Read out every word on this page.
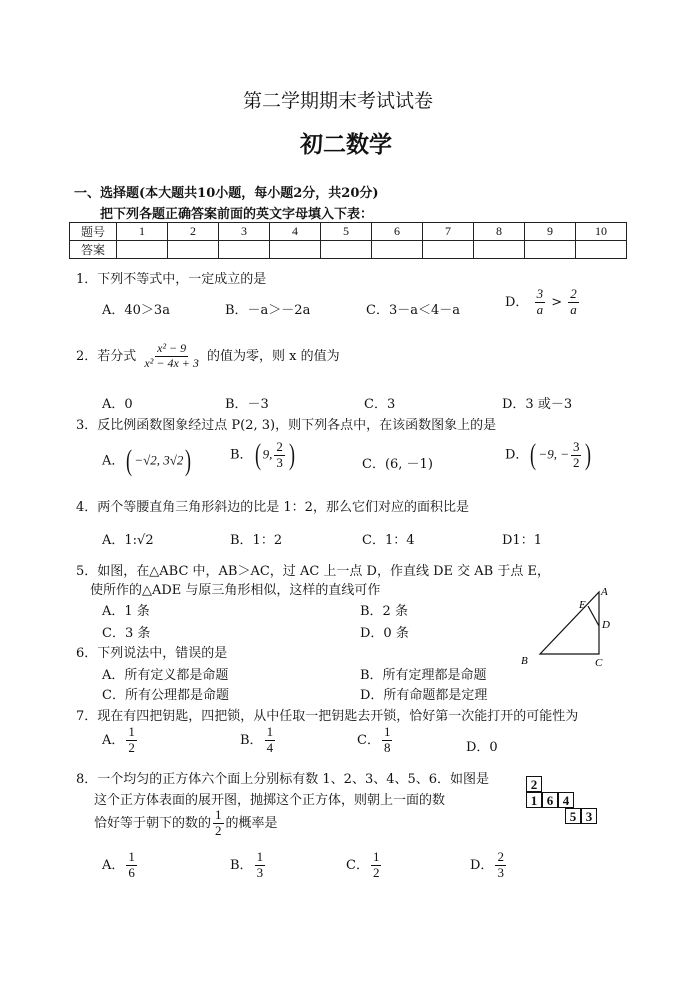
第二学期期末考试试卷
初二数学
一、选择题(本大题共10小题，每小题2分，共20分)
把下列各题正确答案前面的英文字母填入下表：
题号	1	2	3	4	5	6	7	8	9	10
答案										
1．下列不等式中，一定成立的是
A．40＞3a	B．－a＞－2a	C．3－a＜4－a
D． $\frac{3}{a} > \frac{2}{a}$
2．若分式 $\frac{\text{x² − 9}}{\text{x² − 4x + 3}}$ 的值为零，则 x 的值为
A．0	B．－3	C．3	D．3 或－3
3．反比例函数图象经过点 P(2, 3)，则下列各点中，在该函数图象上的是
A．( −√2, 3√2)	B．( 9, $\frac{2}{3}$ )	C．(6, －1)
D．( −9, − $\frac{3}{2}$ )
4．两个等腰直角三角形斜边的比是 1：2，那么它们对应的面积比是
A．1:√2	B．1：2	C．1：4	D1：1
5．如图，在△ABC 中，AB＞AC，过 AC 上一点 D，作直线 DE 交 AB 于点 E，
使所作的△ADE 与原三角形相似，这样的直线可作
A．1 条	B．2 条
C．3 条	D．0 条
B	C
A
E
D
6．下列说法中，错误的是
A．所有定义都是命题	B．所有定理都是命题
C．所有公理都是命题	D．所有命题都是定理
7．现在有四把钥匙，四把锁，从中任取一把钥匙去开锁，恰好第一次能打开的可能性为
A． $\frac{1}{2}$	B． $\frac{1}{4}$	C． $\frac{1}{8}$	D．0
8．一个均匀的正方体六个面上分别标有数 1、2、3、4、5、6．如图是
这个正方体表面的展开图，抛掷这个正方体，则朝上一面的数
恰好等于朝下的数的 $\frac{1}{2}$ 的概率是
2
1 6 4
5 3
A． $\frac{1}{6}$	B． $\frac{1}{3}$	C． $\frac{1}{2}$	D． $\frac{2}{3}$
